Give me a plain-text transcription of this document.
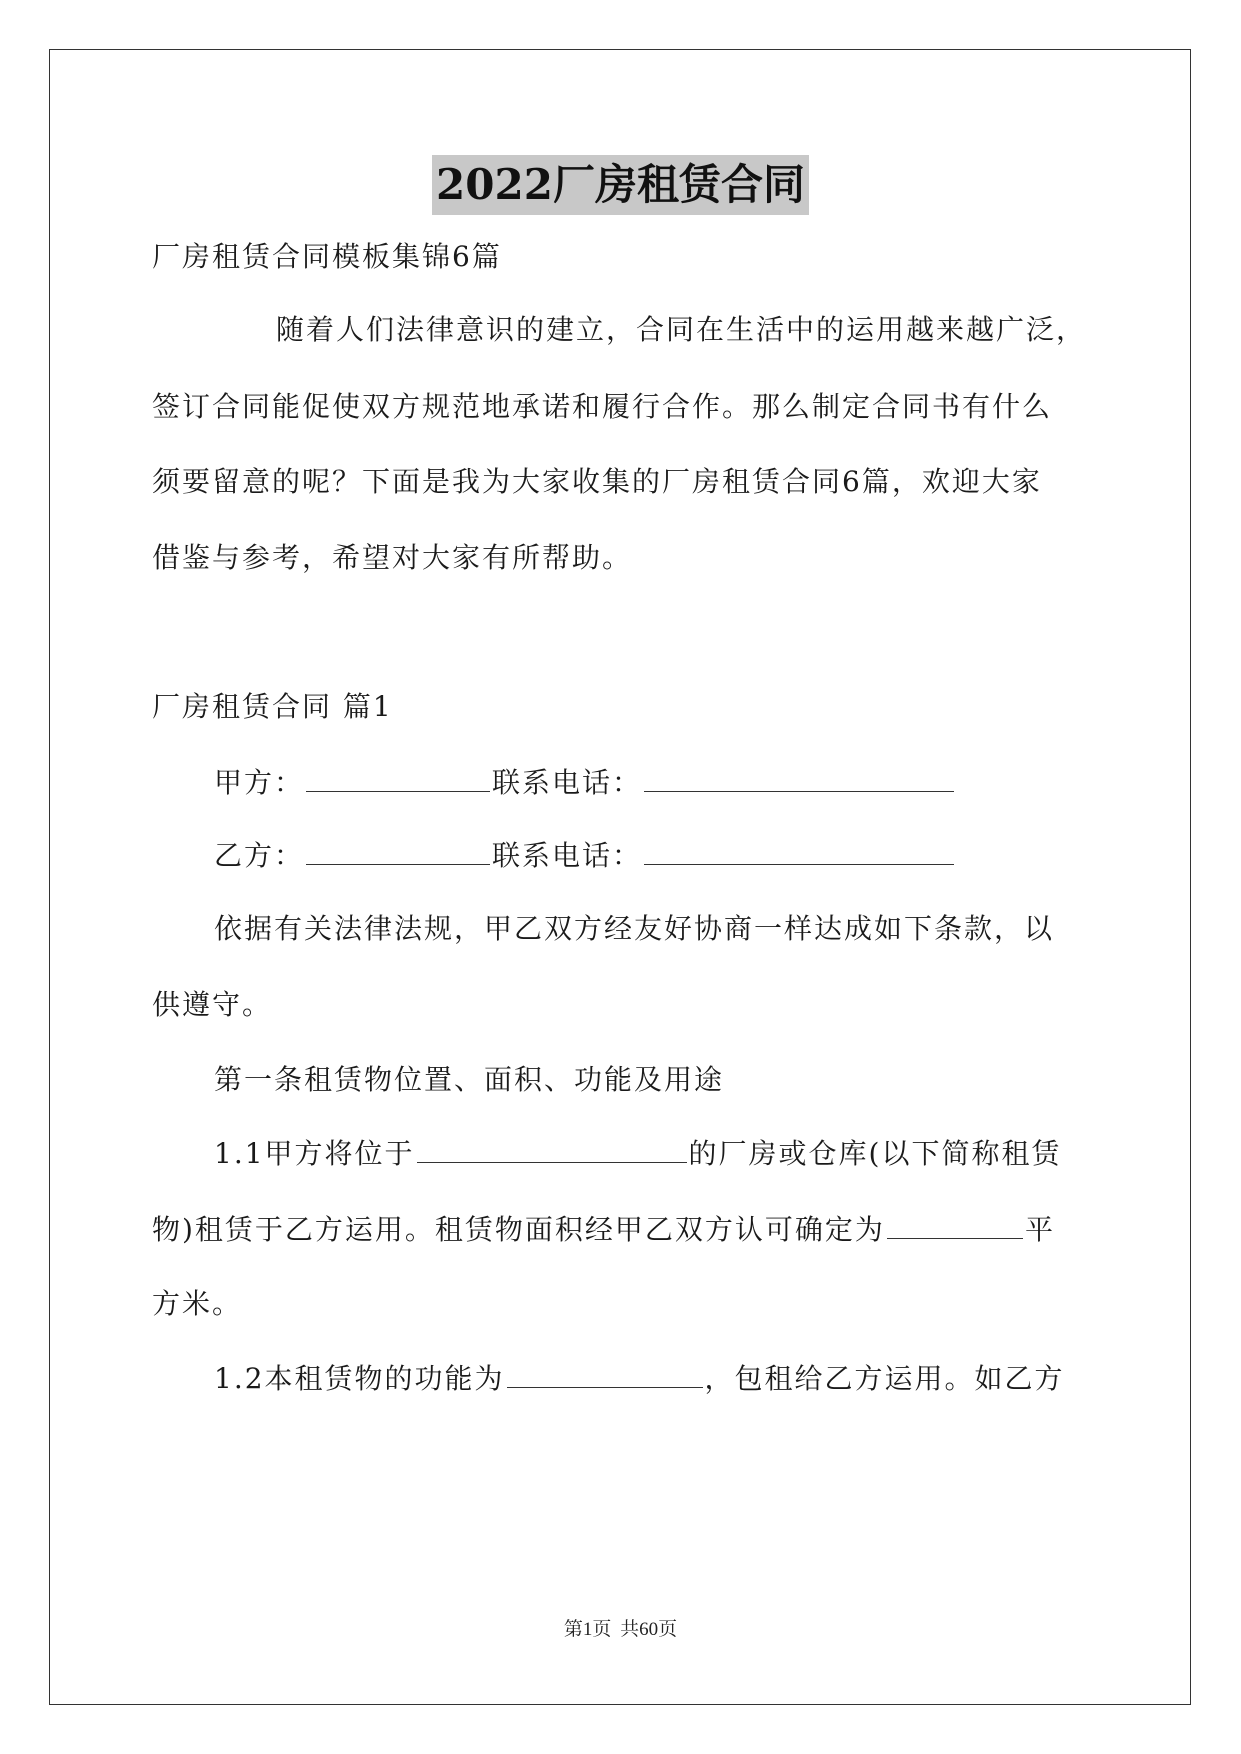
2022厂房租赁合同
厂房租赁合同模板集锦6篇
随着人们法律意识的建立，合同在生活中的运用越来越广泛，
签订合同能促使双方规范地承诺和履行合作。那么制定合同书有什么
须要留意的呢？下面是我为大家收集的厂房租赁合同6篇，欢迎大家
借鉴与参考，希望对大家有所帮助。
厂房租赁合同 篇1
甲方：	联系电话：
乙方：	联系电话：
依据有关法律法规，甲乙双方经友好协商一样达成如下条款，以
供遵守。
第一条租赁物位置、面积、功能及用途
1.1甲方将位于	的厂房或仓库(以下简称租赁
物)租赁于乙方运用。租赁物面积经甲乙双方认可确定为	平
方米。
1.2本租赁物的功能为	，包租给乙方运用。如乙方
第1页 共60页
